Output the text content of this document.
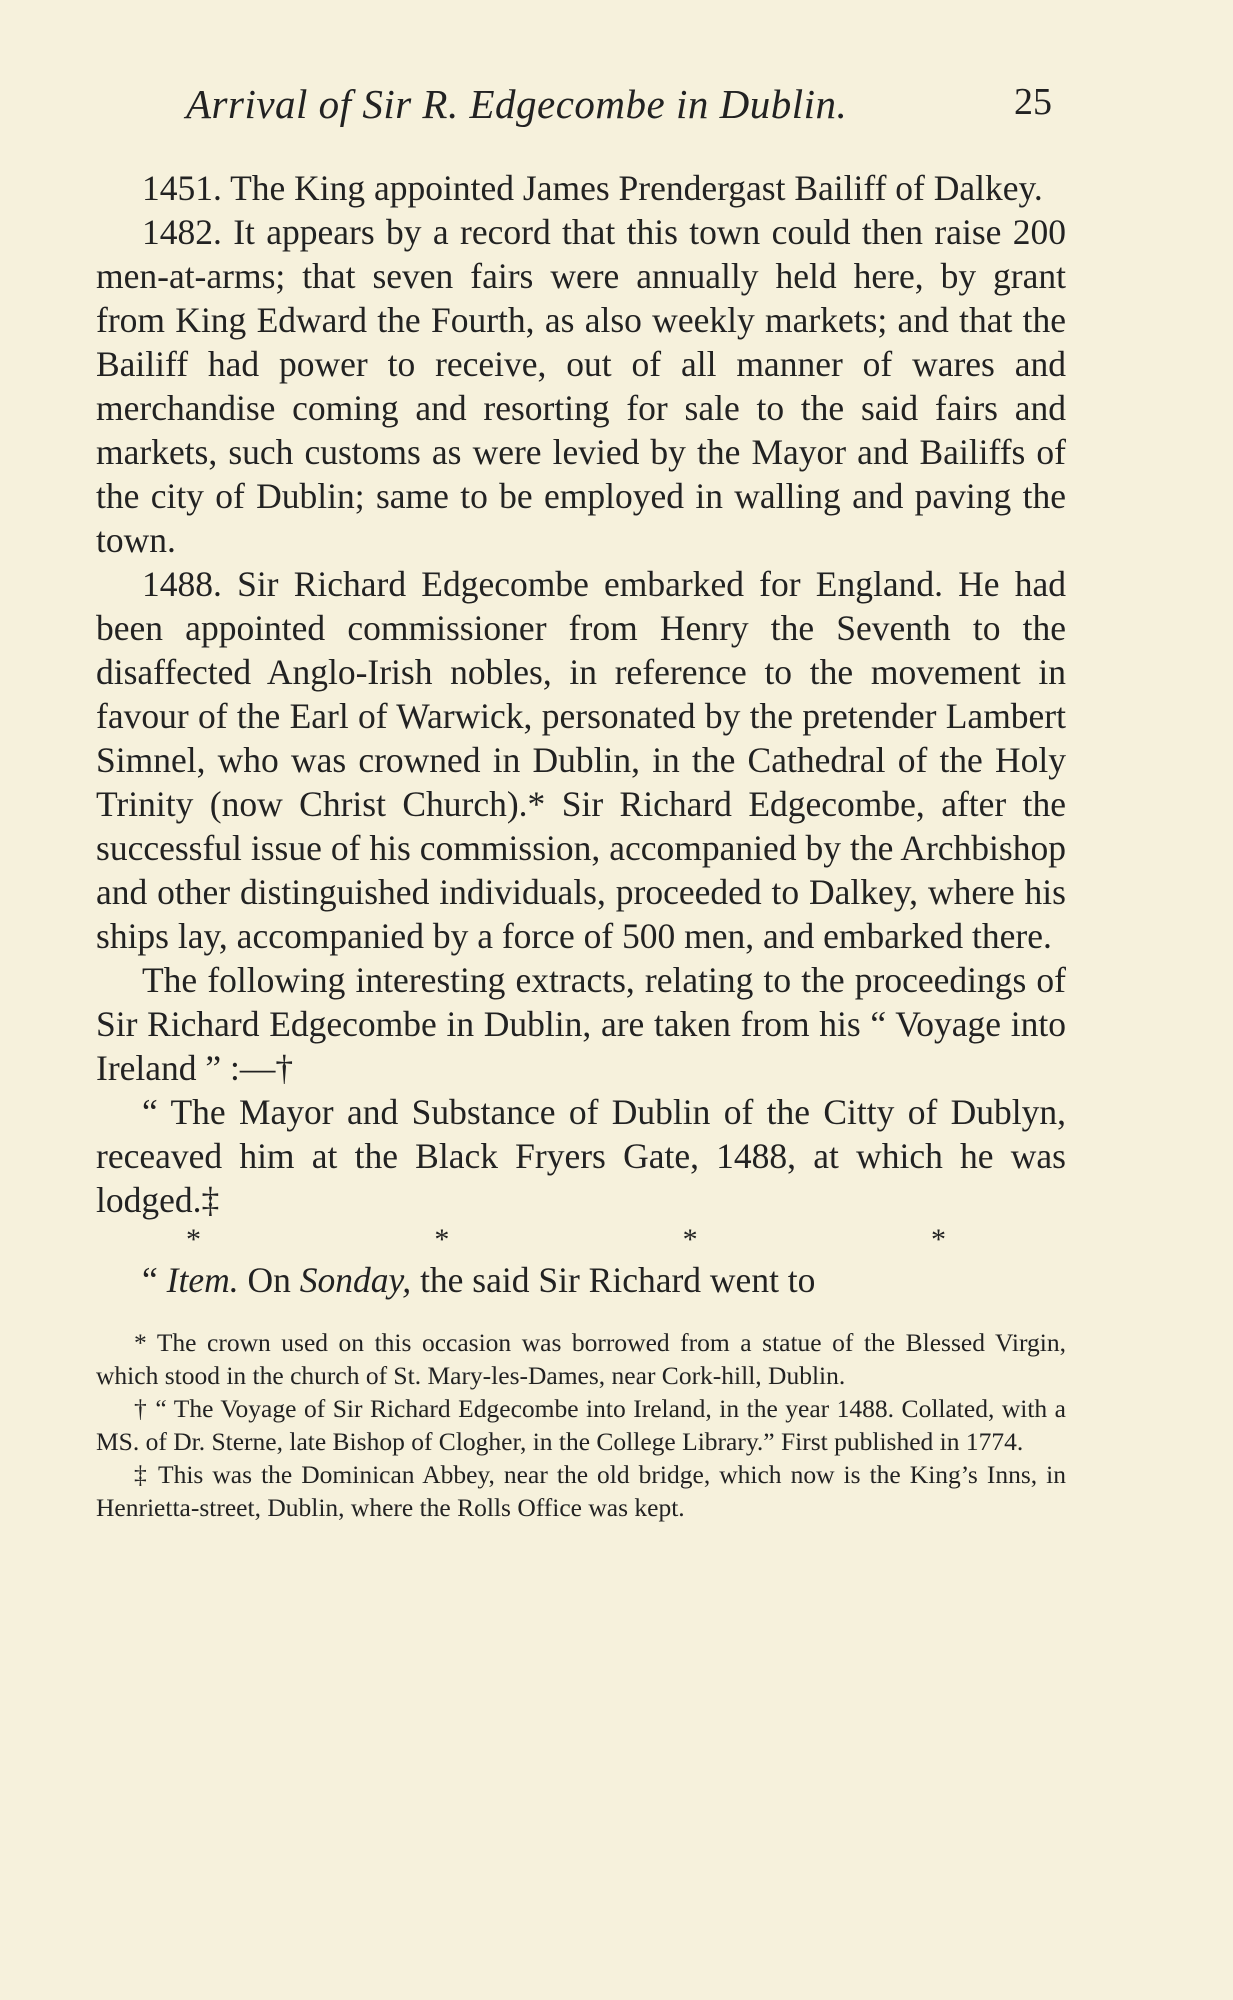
Arrival of Sir R. Edgecombe in Dublin.	25

1451. The King appointed James Prendergast Bailiff of Dalkey.

1482. It appears by a record that this town could then raise 200 men-at-arms; that seven fairs were annually held here, by grant from King Edward the Fourth, as also weekly markets; and that the Bailiff had power to receive, out of all manner of wares and merchandise coming and resorting for sale to the said fairs and markets, such customs as were levied by the Mayor and Bailiffs of the city of Dublin; same to be employed in walling and paving the town.

1488. Sir Richard Edgecombe embarked for England. He had been appointed commissioner from Henry the Seventh to the disaffected Anglo-Irish nobles, in reference to the movement in favour of the Earl of Warwick, personated by the pretender Lambert Simnel, who was crowned in Dublin, in the Cathedral of the Holy Trinity (now Christ Church).* Sir Richard Edgecombe, after the successful issue of his commission, accompanied by the Archbishop and other distinguished individuals, proceeded to Dalkey, where his ships lay, accompanied by a force of 500 men, and embarked there.

The following interesting extracts, relating to the proceedings of Sir Richard Edgecombe in Dublin, are taken from his “ Voyage into Ireland ” :—†

“ The Mayor and Substance of Dublin of the Citty of Dublyn, receaved him at the Black Fryers Gate, 1488, at which he was lodged.‡

*	*	*	*

“ Item. On Sonday, the said Sir Richard went to

* The crown used on this occasion was borrowed from a statue of the Blessed Virgin, which stood in the church of St. Mary-les-Dames, near Cork-hill, Dublin.

† “ The Voyage of Sir Richard Edgecombe into Ireland, in the year 1488. Collated, with a MS. of Dr. Sterne, late Bishop of Clogher, in the College Library.” First published in 1774.

‡ This was the Dominican Abbey, near the old bridge, which now is the King’s Inns, in Henrietta-street, Dublin, where the Rolls Office was kept.
